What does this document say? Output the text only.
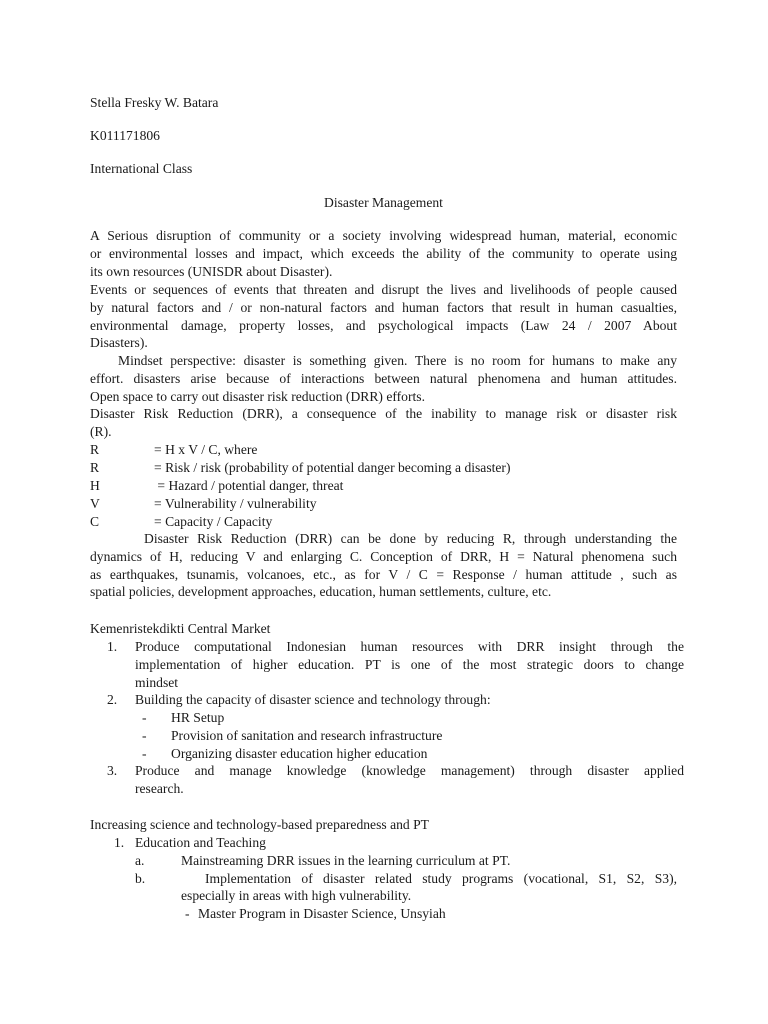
Stella Fresky W. Batara
K011171806
International Class
Disaster Management
A Serious disruption of community or a society involving widespread human, material, economic
or environmental losses and impact, which exceeds the ability of the community to operate using
its own resources (UNISDR about Disaster).
Events or sequences of events that threaten and disrupt the lives and livelihoods of people caused
by natural factors and / or non-natural factors and human factors that result in human casualties,
environmental damage, property losses, and psychological impacts (Law 24 / 2007 About
Disasters).
Mindset perspective: disaster is something given. There is no room for humans to make any
effort. disasters arise because of interactions between natural phenomena and human attitudes.
Open space to carry out disaster risk reduction (DRR) efforts.
Disaster Risk Reduction (DRR), a consequence of the inability to manage risk or disaster risk
(R).
R	= H x V / C, where
R	= Risk / risk (probability of potential danger becoming a disaster)
H	= Hazard / potential danger, threat
V	= Vulnerability / vulnerability
C	= Capacity / Capacity
Disaster Risk Reduction (DRR) can be done by reducing R, through understanding the
dynamics of H, reducing V and enlarging C. Conception of DRR, H = Natural phenomena such
as earthquakes, tsunamis, volcanoes, etc., as for V / C = Response / human attitude , such as
spatial policies, development approaches, education, human settlements, culture, etc.
Kemenristekdikti Central Market
1. Produce computational Indonesian human resources with DRR insight through the
implementation of higher education. PT is one of the most strategic doors to change
mindset
2. Building the capacity of disaster science and technology through:
- HR Setup
- Provision of sanitation and research infrastructure
- Organizing disaster education higher education
3. Produce and manage knowledge (knowledge management) through disaster applied
research.
Increasing science and technology-based preparedness and PT
1. Education and Teaching
a.	Mainstreaming DRR issues in the learning curriculum at PT.
b.	Implementation of disaster related study programs (vocational, S1, S2, S3),
especially in areas with high vulnerability.
- Master Program in Disaster Science, Unsyiah
